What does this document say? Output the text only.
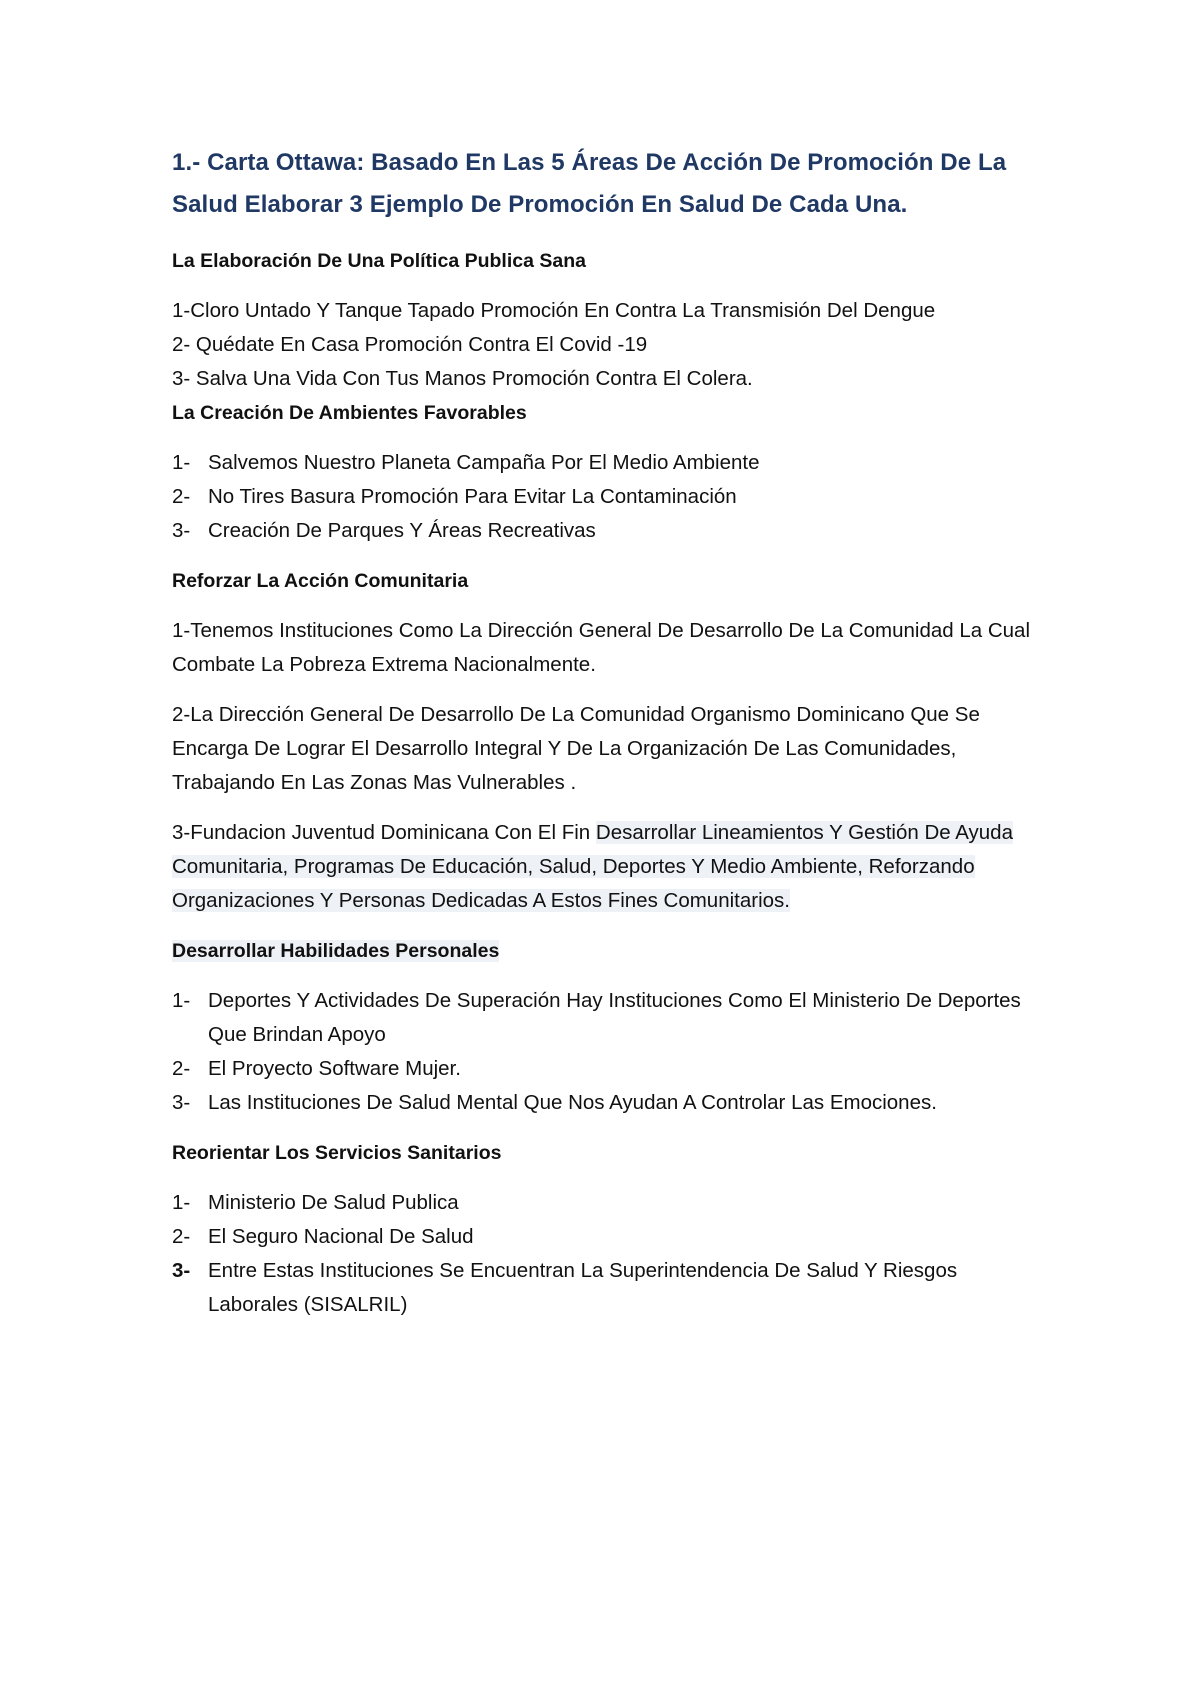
1.- Carta Ottawa: Basado En Las 5 Áreas De Acción De Promoción De La Salud Elaborar 3 Ejemplo De Promoción En Salud De Cada Una.
La Elaboración De Una Política Publica Sana
1-Cloro Untado Y Tanque Tapado Promoción En Contra La Transmisión Del Dengue
2- Quédate En Casa Promoción Contra El Covid -19
3- Salva Una Vida Con Tus Manos Promoción Contra El Colera.
La Creación De Ambientes Favorables
1- Salvemos Nuestro Planeta Campaña Por El Medio Ambiente
2- No Tires Basura Promoción Para Evitar La Contaminación
3- Creación De Parques Y Áreas Recreativas
Reforzar La Acción Comunitaria
1-Tenemos Instituciones Como La Dirección General De Desarrollo De La Comunidad La Cual Combate La Pobreza Extrema Nacionalmente.
2-La Dirección General De Desarrollo De La Comunidad Organismo Dominicano Que Se Encarga De Lograr El Desarrollo Integral Y De La Organización De Las Comunidades, Trabajando En Las Zonas Mas Vulnerables .
3-Fundacion Juventud Dominicana Con El Fin Desarrollar Lineamientos Y Gestión De Ayuda Comunitaria, Programas De Educación, Salud, Deportes Y Medio Ambiente, Reforzando Organizaciones Y Personas Dedicadas A Estos Fines Comunitarios.
Desarrollar Habilidades Personales
1- Deportes Y Actividades De Superación Hay Instituciones Como El Ministerio De Deportes Que Brindan Apoyo
2- El Proyecto Software Mujer.
3- Las Instituciones De Salud Mental Que Nos Ayudan A Controlar Las Emociones.
Reorientar Los Servicios Sanitarios
1- Ministerio De Salud Publica
2- El Seguro Nacional De Salud
3- Entre Estas Instituciones Se Encuentran La Superintendencia De Salud Y Riesgos Laborales (SISALRIL)
